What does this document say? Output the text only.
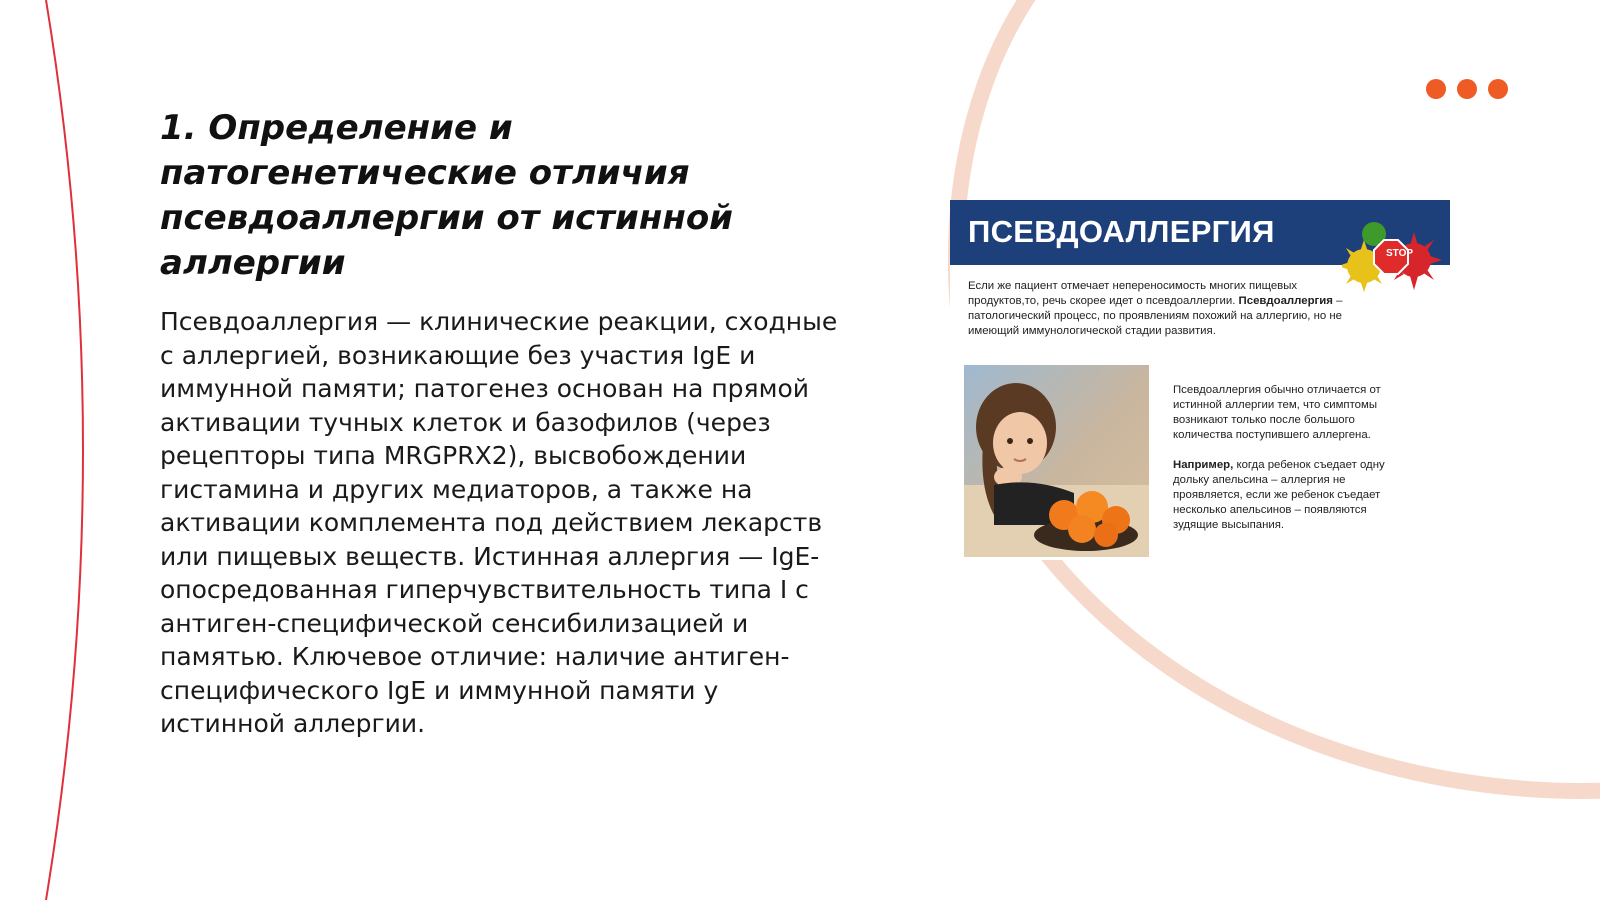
1. Определение и патогенетические отличия псевдоаллергии от истинной аллергии

Псевдоаллергия — клинические реакции, сходные с аллергией, возникающие без участия IgE и иммунной памяти; патогенез основан на прямой активации тучных клеток и базофилов (через рецепторы типа MRGPRX2), высвобождении гистамина и других медиаторов, а также на активации комплемента под действием лекарств или пищевых веществ. Истинная аллергия — IgE-опосредованная гиперчувствительность типа I с антиген-специфической сенсибилизацией и памятью. Ключевое отличие: наличие антиген-специфического IgE и иммунной памяти у истинной аллергии.

ПСЕВДОАЛЛЕРГИЯ
STOP
Если же пациент отмечает непереносимость многих пищевых продуктов,то, речь скорее идет о псевдоаллергии. Псевдоаллергия – патологический процесс, по проявлениям похожий на аллергию, но не имеющий иммунологической стадии развития.

Псевдоаллергия обычно отличается от истинной аллергии тем, что симптомы возникают только после большого количества поступившего аллергена.

Например, когда ребенок съедает одну дольку апельсина – аллергия не проявляется, если же ребенок съедает несколько апельсинов – появляются зудящие высыпания.
